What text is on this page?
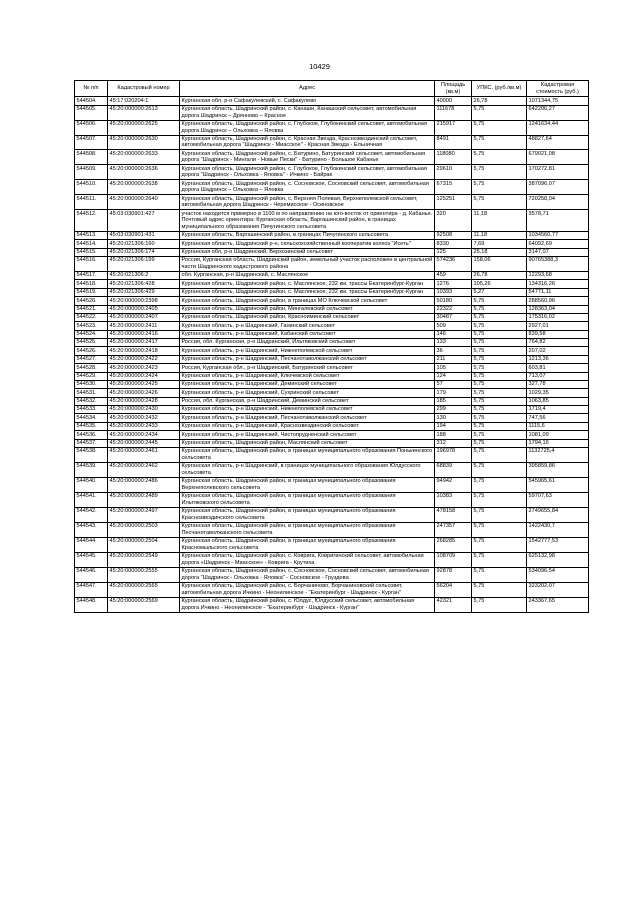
10429
№ п/п	Кадастровый номер	Адрес	Площадь (кв.м)	УПКС. (руб./кв.м)	Кадастровая стоимость (руб.)
544504.	45:17:020204:1	Курганская обл, р-н Сафакулевский, с. Сафакулево	40000	26,78	1071344,75
544505.	45:20:000000:2613	Курганская область, Шадринский район, с. Канаши, Канашский сельсовет, автомобильная дорога Шадринск – Дрянново – Красное	111678	5,75	642206,27
544506.	45:20:000000:2625	Курганская область, Шадринский район, с. Глубокое, Глубокинский сельсовет, автомобильная дорога Шадринск – Ольховка – Яловка	215917	5,75	1241634,44
544507.	45:20:000000:2630	Курганская область, Шадринский район, с. Красная Звезда, Краснозвездинский сельсовет, автомобильная дорога "Шадринск - Миасское" - Красная Звезда - Ельничная	8491	5,75	48827,64
544508.	45:20:000000:2633	Курганская область, Шадринский район, с. Батурино, Батуринский сельсовет, автомобильная дорога "Шадринск - Мингали - Новые Пески" - Батурино - Большое Кабанье	118080	5,75	679021,08
544509.	45:20:000000:2636	Курганская область, Шадринский район, с. Глубокое, Глубокинский сельсовет, автомобильная дорога "Шадринск - Ольховка - Яловка" - Ичкино - Байрак	29610	5,75	170272,81
544510.	45:20:000000:2638	Курганская область, Шадринский район, с. Сосновское, Сосновский сельсовет, автомобильная дорога Шадринск – Ольховка – Яловка	67315	5,75	387096,07
544511.	45:20:000000:2640	Курганская область, Шадринский район, с. Верхняя Полевая, Верхнеполевской сельсовет, автомобильная дорога Шадринск - Черемисское - Осиновское	125251	5,75	720258,04
544512.	45:03:030901:427	участок находится примерно в 1100 м по направлению на юго-восток от ориентира - д. Кабанье. Почтовый адрес ориентира: Курганская область, Варгашинский район, в границах муниципального образования Пичугинского сельсовета	320	11,18	3578,71
544513.	45:03:030901:431	Курганская область, Варгашинский район, в границах Пичугинского сельсовета	92508	11,18	1034560,77
544514.	45:20:021306:160	Курганская область, Шадринский р-н, сельскохозяйственный кооператив колхоз "Исеть"	8330	7,69	64092,69
544515.	45:20:021306:174	Курганская обл, р-н Шадринский, Верхозинский сельсовет	125	25,18	3147,07
544516.	45:20:021306:199	Россия, Курганская область, Шадринский район, земельный участок расположен в центральной части Шадринского кадастрового района	574236	158,06	90765388,3
544517.	45:20:021306:2	обл. Курганская, р-н Шадринский, с. Маслянское	459	26,78	12293,68
544518.	45:20:021306:428	Курганская область, Шадринский район, с. Маслянское, 232 км. трассы Екатеринбург-Курган	1276	105,26	134316,26
544519.	45:20:021306:429	Курганская область, Шадринский район, с. Маслянское, 232 км. трассы Екатеринбург-Курган	10393	5,27	54771,11
544520.	45:20:000000:2398	Курганская область, Шадринский район, в границах МО Ключевской сельсовет	50180	5,75	288560,96
544521.	45:20:000000:2405	Курганская область, Шадринский район, Мингалевский сельсовет	22322	5,75	128363,04
544522.	45:20:000000:2407	Курганская область, Шадринский район, Красноиминский сельсовет	30487	5,75	175316,02
544523.	45:20:000000:2411	Курганская область, р-н Шадринский, Ганинский сельсовет	509	5,75	2927,01
544524.	45:20:000000:2416	Курганская область, р-н Шадринский, Кабанский сельсовет	146	5,75	839,58
544525.	45:20:000000:2417	Россия, обл. Курганская, р-н Шадринский, Ильтяковский сельсовет	133	5,75	764,82
544526.	45:20:000000:2418	Курганская область, р-н Шадринский, Нижнеполевской сельсовет	36	5,75	207,02
544527.	45:20:000000:2422	Курганская область, р-н Шадринский, Песчанотаволжанский сельсовет	211	5,75	1213,36
544528.	45:20:000000:2423	Россия, Курганская обл., р-н Шадринский, Батуринский сельсовет	105	5,75	603,81
544529.	45:20:000000:2424	Курганская область, р-н Шадринский, Ключевской сельсовет	124	5,75	713,07
544530.	45:20:000000:2425	Курганская область, р-н Шадринский, Деминский сельсовет	57	5,75	327,78
544531.	45:20:000000:2426	Курганская область, р-н Шадринский, Сухринский сельсовет	179	5,75	1029,35
544532.	45:20:000000:2428	Россия, обл. Курганская, р-н Шадринский, Деминский сельсовет	185	5,75	1063,85
544533.	45:20:000000:2430	Курганская область, р-н Шадринский, Нижнеполевской сельсовет	299	5,75	1719,4
544534.	45:20:000000:2432	Курганская область, р-н Шадринский, Песчанотаволжанский сельсовет	130	5,75	747,56
544535.	45:20:000000:2433	Курганская область, р-н Шадринский, Краснозвездинский сельсовет	194	5,75	1115,6
544536.	45:20:000000:2434	Курганская область, р-н Шадринский, Чистопрудненский сельсовет	188	5,75	1081,09
544537.	45:20:000000:2445	Курганская область, Шадринский район, Маслянский сельсовет	312	5,75	1794,16
544538.	45:20:000000:2461	Курганская область, Шадринский район, в границах муниципального образования Понькинского сельсовета	196978	5,75	1132725,4
544539.	45:20:000000:2462	Курганская область, р-н Шадринский, в границах муниципального образования Юлдусского сельсовета	68839	5,75	395859,86
544540.	45:20:000000:2486	Курганская область, Шадринский район, в границах муниципального образования Верхнеполевского сельсовета	94942	5,75	545965,61
544541.	45:20:000000:2489	Курганская область, Шадринский район, в границах муниципального образования Ильтяковского сельсовета	10383	5,75	59707,63
544542.	45:20:000000:2497	Курганская область, Шадринский район, в границах муниципального образования Краснозвездинского сельсовета	478158	5,75	2749655,84
544543.	45:20:000000:2503	Курганская область, Шадринский район, в границах муниципального образования Песчанотаволжанского сельсовета	247357	5,75	1422430,7
544544.	45:20:000000:2504	Курганская область, Шадринский район, в границах муниципального образования Красномыльского сельсовета	268285	5,75	1542777,53
544545.	45:20:000000:2549	Курганская область, Шадринский район, с. Коврига, Ковригинский сельсовет, автомобильная дорога «Шадринск - Миасское» - Коврига - Крутиха	108709	5,75	625132,98
544546.	45:20:000000:2555	Курганская область, Шадринский район, с. Сосновское, Сосновский сельсовет, автомобильная дорога "Шадринск - Ольховка - Яловка" - Сосновское - Груздева	92878	5,75	534096,54
544547.	45:20:000000:2565	Курганская область, Шадринский район, с. Борчаниново, Борчаниновский сельсовет, автомобильная дорога Ичкино - Неонилинское - "Екатеринбург - Шадринск - Курган"	56204	5,75	323202,07
544548.	45:20:000000:2569	Курганская область, Шадринский район, с. Юлдус, Юлдусский сельсовет, автомобильная дорога Ичкино - Неонилинское - "Екатеринбург - Шадринск - Курган"	42321	5,75	243367,65
